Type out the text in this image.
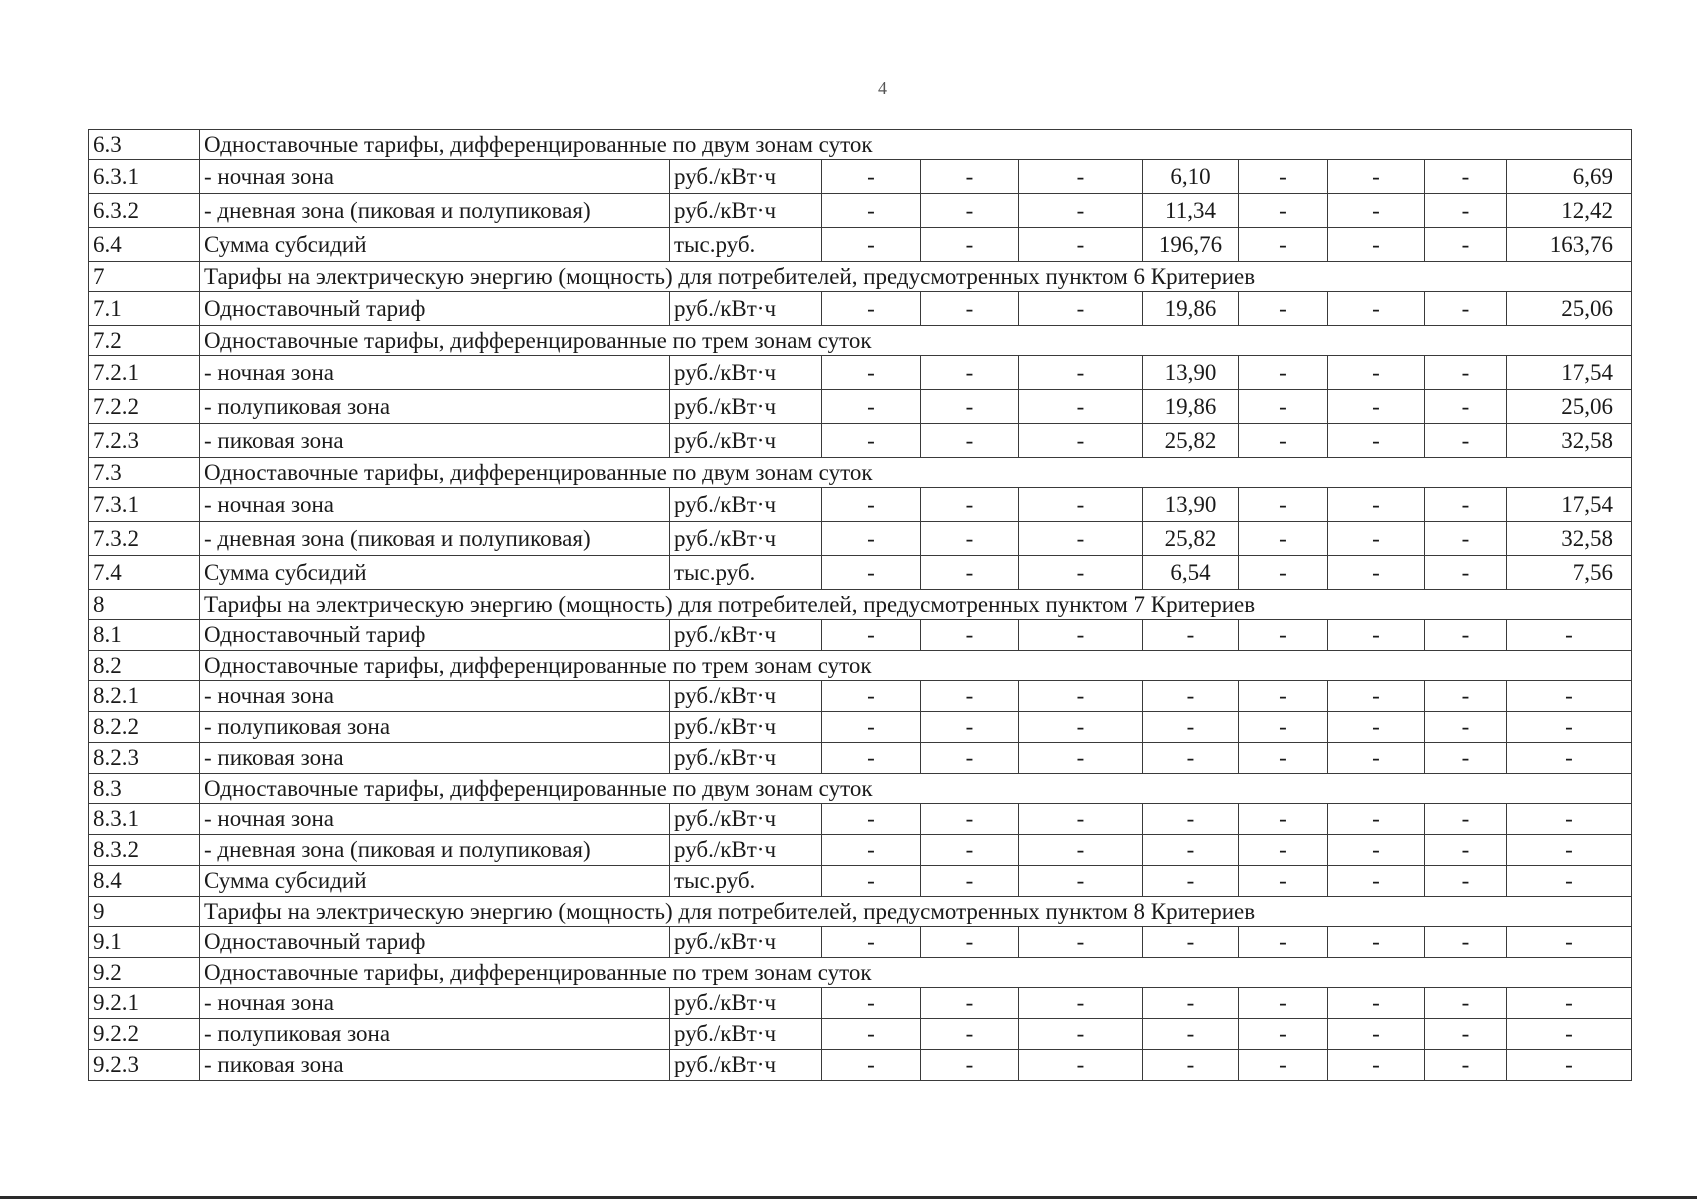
4
6.3	Одноставочные тарифы, дифференцированные по двум зонам суток									
6.3.1	- ночная зона	руб./кВт·ч	-	-	-	6,10	-	-	-	6,69
6.3.2	- дневная зона (пиковая и полупиковая)	руб./кВт·ч	-	-	-	11,34	-	-	-	12,42
6.4	Сумма субсидий	тыс.руб.	-	-	-	196,76	-	-	-	163,76
7	Тарифы на электрическую энергию (мощность) для потребителей, предусмотренных пунктом 6 Критериев									
7.1	Одноставочный тариф	руб./кВт·ч	-	-	-	19,86	-	-	-	25,06
7.2	Одноставочные тарифы, дифференцированные по трем зонам суток									
7.2.1	- ночная зона	руб./кВт·ч	-	-	-	13,90	-	-	-	17,54
7.2.2	- полупиковая зона	руб./кВт·ч	-	-	-	19,86	-	-	-	25,06
7.2.3	- пиковая зона	руб./кВт·ч	-	-	-	25,82	-	-	-	32,58
7.3	Одноставочные тарифы, дифференцированные по двум зонам суток									
7.3.1	- ночная зона	руб./кВт·ч	-	-	-	13,90	-	-	-	17,54
7.3.2	- дневная зона (пиковая и полупиковая)	руб./кВт·ч	-	-	-	25,82	-	-	-	32,58
7.4	Сумма субсидий	тыс.руб.	-	-	-	6,54	-	-	-	7,56
8	Тарифы на электрическую энергию (мощность) для потребителей, предусмотренных пунктом 7 Критериев									
8.1	Одноставочный тариф	руб./кВт·ч	-	-	-	-	-	-	-	-
8.2	Одноставочные тарифы, дифференцированные по трем зонам суток									
8.2.1	- ночная зона	руб./кВт·ч	-	-	-	-	-	-	-	-
8.2.2	- полупиковая зона	руб./кВт·ч	-	-	-	-	-	-	-	-
8.2.3	- пиковая зона	руб./кВт·ч	-	-	-	-	-	-	-	-
8.3	Одноставочные тарифы, дифференцированные по двум зонам суток									
8.3.1	- ночная зона	руб./кВт·ч	-	-	-	-	-	-	-	-
8.3.2	- дневная зона (пиковая и полупиковая)	руб./кВт·ч	-	-	-	-	-	-	-	-
8.4	Сумма субсидий	тыс.руб.	-	-	-	-	-	-	-	-
9	Тарифы на электрическую энергию (мощность) для потребителей, предусмотренных пунктом 8 Критериев									
9.1	Одноставочный тариф	руб./кВт·ч	-	-	-	-	-	-	-	-
9.2	Одноставочные тарифы, дифференцированные по трем зонам суток									
9.2.1	- ночная зона	руб./кВт·ч	-	-	-	-	-	-	-	-
9.2.2	- полупиковая зона	руб./кВт·ч	-	-	-	-	-	-	-	-
9.2.3	- пиковая зона	руб./кВт·ч	-	-	-	-	-	-	-	-
